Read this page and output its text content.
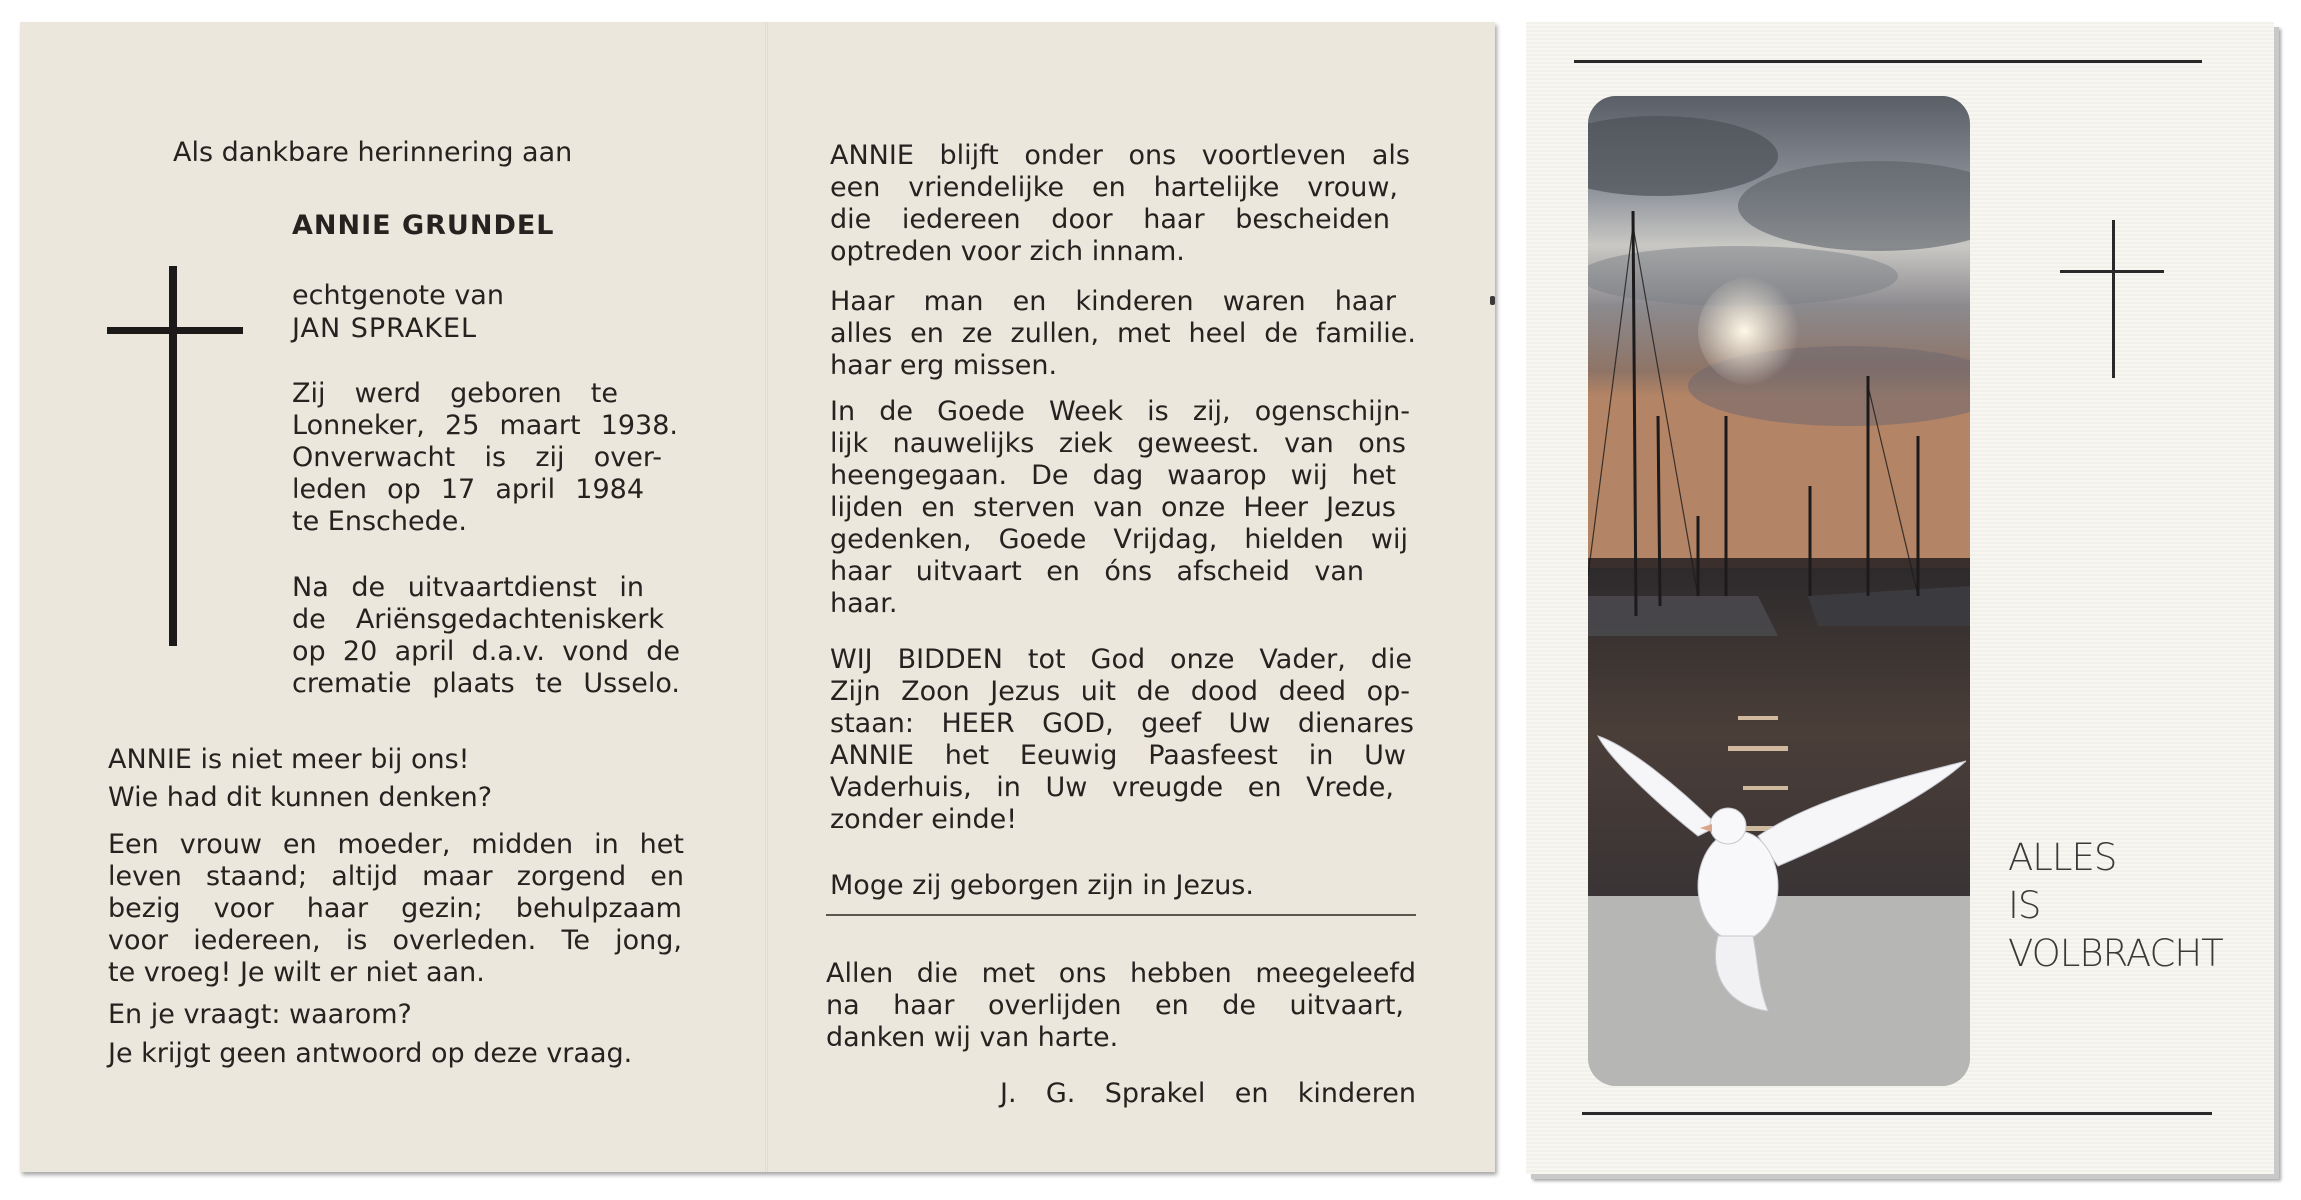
Als dankbare herinnering aan
ANNIE GRUNDEL
echtgenote van
JAN SPRAKEL
Zij werd geboren te
Lonneker, 25 maart 1938.
Onverwacht is zij over-
leden op 17 april 1984
te Enschede.
Na de uitvaartdienst in
de Ariënsgedachteniskerk
op 20 april d.a.v. vond de
crematie plaats te Usselo.
ANNIE is niet meer bij ons!
Wie had dit kunnen denken?
Een vrouw en moeder, midden in het
leven staand; altijd maar zorgend en
bezig voor haar gezin; behulpzaam
voor iedereen, is overleden. Te jong,
te vroeg! Je wilt er niet aan.
En je vraagt: waarom?
Je krijgt geen antwoord op deze vraag.
ANNIE blijft onder ons voortleven als
een vriendelijke en hartelijke vrouw,
die iedereen door haar bescheiden
optreden voor zich innam.
Haar man en kinderen waren haar
alles en ze zullen, met heel de familie.
haar erg missen.
In de Goede Week is zij, ogenschijn-
lijk nauwelijks ziek geweest. van ons
heengegaan. De dag waarop wij het
lijden en sterven van onze Heer Jezus
gedenken, Goede Vrijdag, hielden wij
haar uitvaart en óns afscheid van
haar.
WIJ BIDDEN tot God onze Vader, die
Zijn Zoon Jezus uit de dood deed op-
staan: HEER GOD, geef Uw dienares
ANNIE het Eeuwig Paasfeest in Uw
Vaderhuis, in Uw vreugde en Vrede,
zonder einde!
Moge zij geborgen zijn in Jezus.
Allen die met ons hebben meegeleefd
na haar overlijden en de uitvaart,
danken wij van harte.
J. G. Sprakel en kinderen
ALLES
IS
VOLBRACHT
